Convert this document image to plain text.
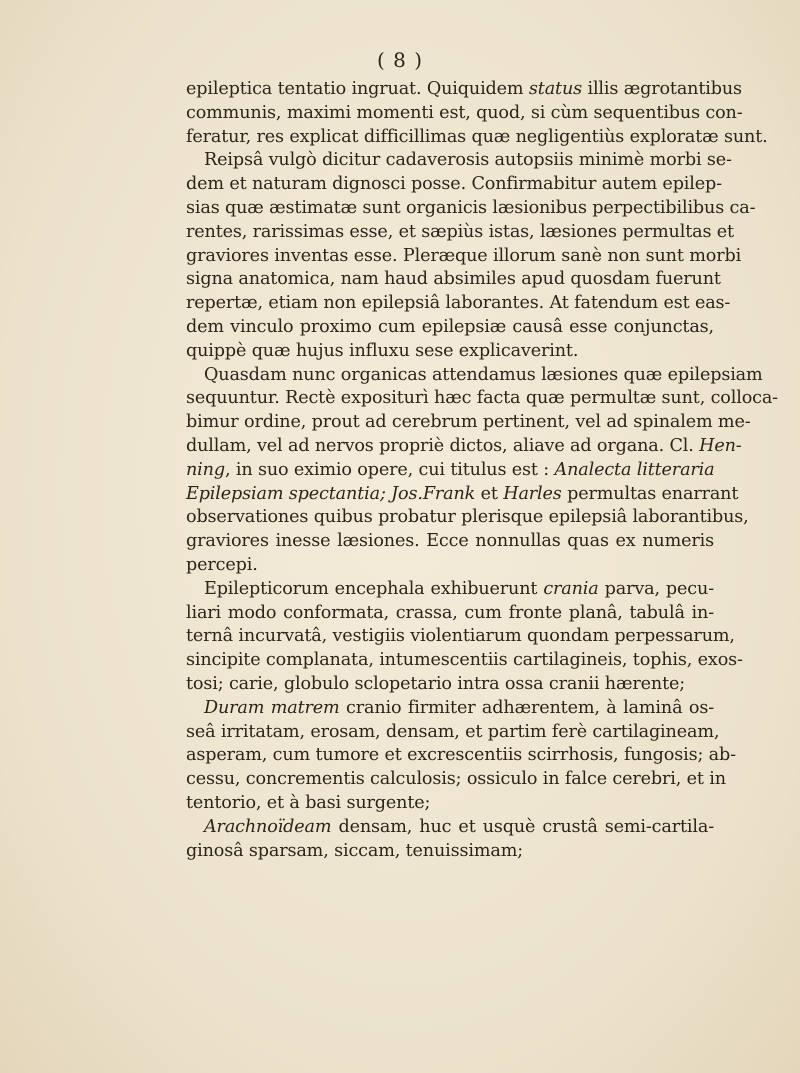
( 8 )
epileptica tentatio ingruat. Quiquidem status illis ægrotantibus
communis, maximi momenti est, quod, si cùm sequentibus con-
feratur, res explicat difficillimas quæ negligentiùs exploratæ sunt.
Reipsâ vulgò dicitur cadaverosis autopsiis minimè morbi se-
dem et naturam dignosci posse. Confirmabitur autem epilep-
sias quæ æstimatæ sunt organicis læsionibus perpectibilibus ca-
rentes, rarissimas esse, et sæpiùs istas, læsiones permultas et
graviores inventas esse. Pleræque illorum sanè non sunt morbi
signa anatomica, nam haud absimiles apud quosdam fuerunt
repertæ, etiam non epilepsiâ laborantes. At fatendum est eas-
dem vinculo proximo cum epilepsiæ causâ esse conjunctas,
quippè quæ hujus influxu sese explicaverint.
Quasdam nunc organicas attendamus læsiones quæ epilepsiam
sequuntur. Rectè expositurì hæc facta quæ permultæ sunt, colloca-
bimur ordine, prout ad cerebrum pertinent, vel ad spinalem me-
dullam, vel ad nervos propriè dictos, aliave ad organa. Cl. Hen-
ning, in suo eximio opere, cui titulus est : Analecta litteraria
Epilepsiam spectantia; Jos.Frank et Harles permultas enarrant
observationes quibus probatur plerisque epilepsiâ laborantibus,
graviores inesse læsiones. Ecce nonnullas quas ex numeris
percepi.
Epilepticorum encephala exhibuerunt crania parva, pecu-
liari modo conformata, crassa, cum fronte planâ, tabulâ in-
ternâ incurvatâ, vestigiis violentiarum quondam perpessarum,
sincipite complanata, intumescentiis cartilagineis, tophis, exos-
tosi; carie, globulo sclopetario intra ossa cranii hærente;
Duram matrem cranio firmiter adhærentem, à laminâ os-
seâ irritatam, erosam, densam, et partim ferè cartilagineam,
asperam, cum tumore et excrescentiis scirrhosis, fungosis; ab-
cessu, concrementis calculosis; ossiculo in falce cerebri, et in
tentorio, et à basi surgente;
Arachnoïdeam densam, huc et usquè crustâ semi-cartila-
ginosâ sparsam, siccam, tenuissimam;
